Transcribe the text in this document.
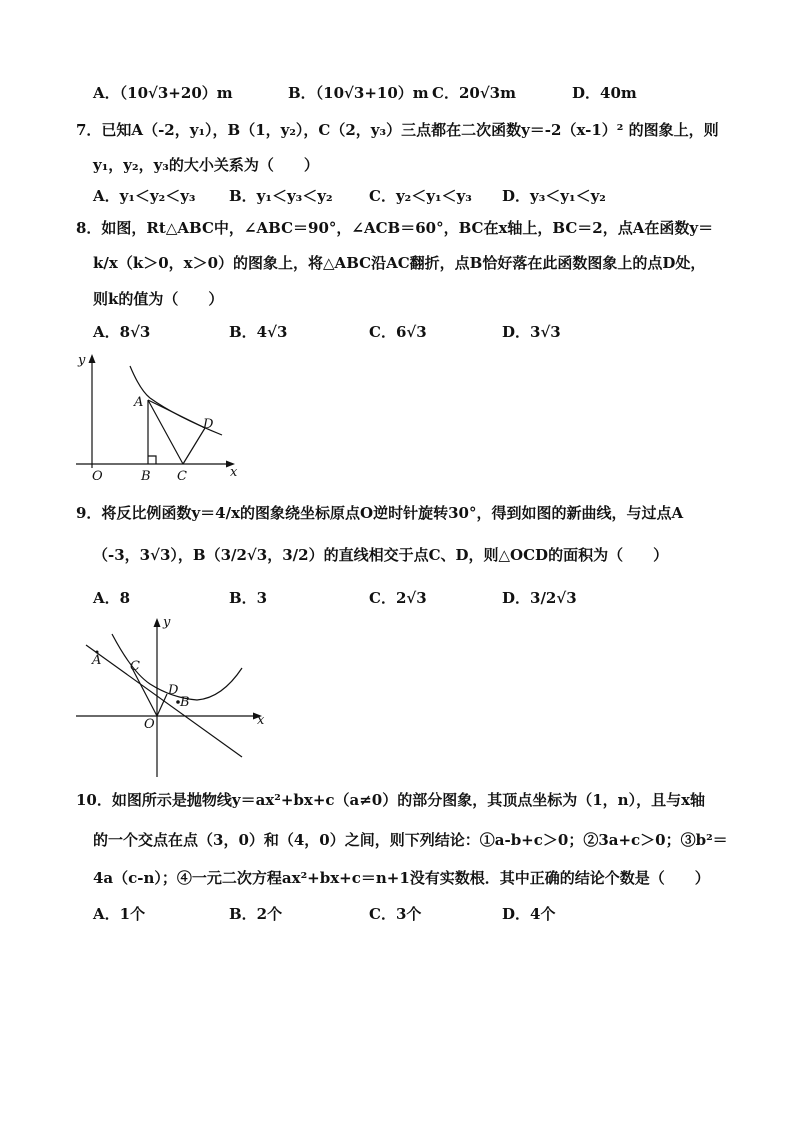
A．（10√3+20）m	B．（10√3+10）m C．20√3m	D．40m
7．已知A（-2，y₁），B（1，y₂），C（2，y₃）三点都在二次函数y＝-2（x-1）² 的图象上，则
y₁，y₂，y₃的大小关系为（　　）
A．y₁＜y₂＜y₃ B．y₁＜y₃＜y₂ C．y₂＜y₁＜y₃ D．y₃＜y₁＜y₂
8．如图，Rt△ABC中，∠ABC＝90°，∠ACB＝60°，BC在x轴上，BC＝2，点A在函数y＝
k/x（k＞0，x＞0）的图象上，将△ABC沿AC翻折，点B恰好落在此函数图象上的点D处，
则k的值为（　　）
A．8√3	B．4√3	C．6√3	D．3√3
y
x
O
A
B C
D
9．将反比例函数y＝4/x的图象绕坐标原点O逆时针旋转30°，得到如图的新曲线，与过点A
（-3，3√3），B（3/2√3，3/2）的直线相交于点C、D，则△OCD的面积为（　　）
A．8	B．3	C．2√3	D．3/2√3
y
x
O
A
B
C
D
10．如图所示是抛物线y＝ax²+bx+c（a≠0）的部分图象，其顶点坐标为（1，n），且与x轴
的一个交点在点（3，0）和（4，0）之间，则下列结论：①a-b+c＞0；②3a+c＞0；③b²＝
4a（c-n）；④一元二次方程ax²+bx+c＝n+1没有实数根．其中正确的结论个数是（　　）
A．1个	B．2个	C．3个	D．4个
